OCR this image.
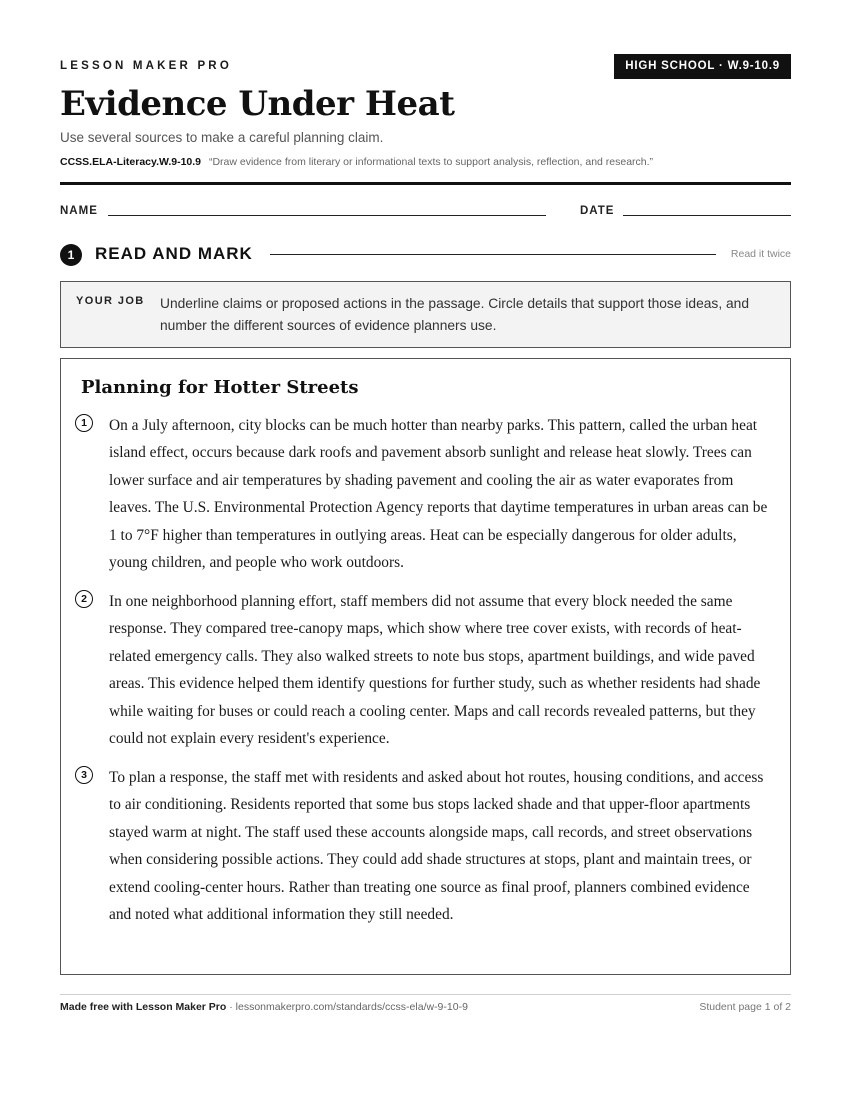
LESSON MAKER PRO	HIGH SCHOOL · W.9-10.9
Evidence Under Heat
Use several sources to make a careful planning claim.
CCSS.ELA-Literacy.W.9-10.9 “Draw evidence from literary or informational texts to support analysis, reflection, and research.”
NAME	DATE
1	READ AND MARK	Read it twice
YOUR JOB Underline claims or proposed actions in the passage. Circle details that support those ideas, and number the different sources of evidence planners use.
Planning for Hotter Streets
1	On a July afternoon, city blocks can be much hotter than nearby parks. This pattern, called the urban heat island effect, occurs because dark roofs and pavement absorb sunlight and release heat slowly. Trees can lower surface and air temperatures by shading pavement and cooling the air as water evaporates from leaves. The U.S. Environmental Protection Agency reports that daytime temperatures in urban areas can be 1 to 7°F higher than temperatures in outlying areas. Heat can be especially dangerous for older adults, young children, and people who work outdoors.

2	In one neighborhood planning effort, staff members did not assume that every block needed the same response. They compared tree-canopy maps, which show where tree cover exists, with records of heat-related emergency calls. They also walked streets to note bus stops, apartment buildings, and wide paved areas. This evidence helped them identify questions for further study, such as whether residents had shade while waiting for buses or could reach a cooling center. Maps and call records revealed patterns, but they could not explain every resident's experience.

3	To plan a response, the staff met with residents and asked about hot routes, housing conditions, and access to air conditioning. Residents reported that some bus stops lacked shade and that upper-floor apartments stayed warm at night. The staff used these accounts alongside maps, call records, and street observations when considering possible actions. They could add shade structures at stops, plant and maintain trees, or extend cooling-center hours. Rather than treating one source as final proof, planners combined evidence and noted what additional information they still needed.

Made free with Lesson Maker Pro · lessonmakerpro.com/standards/ccss-ela/w-9-10-9	Student page 1 of 2
